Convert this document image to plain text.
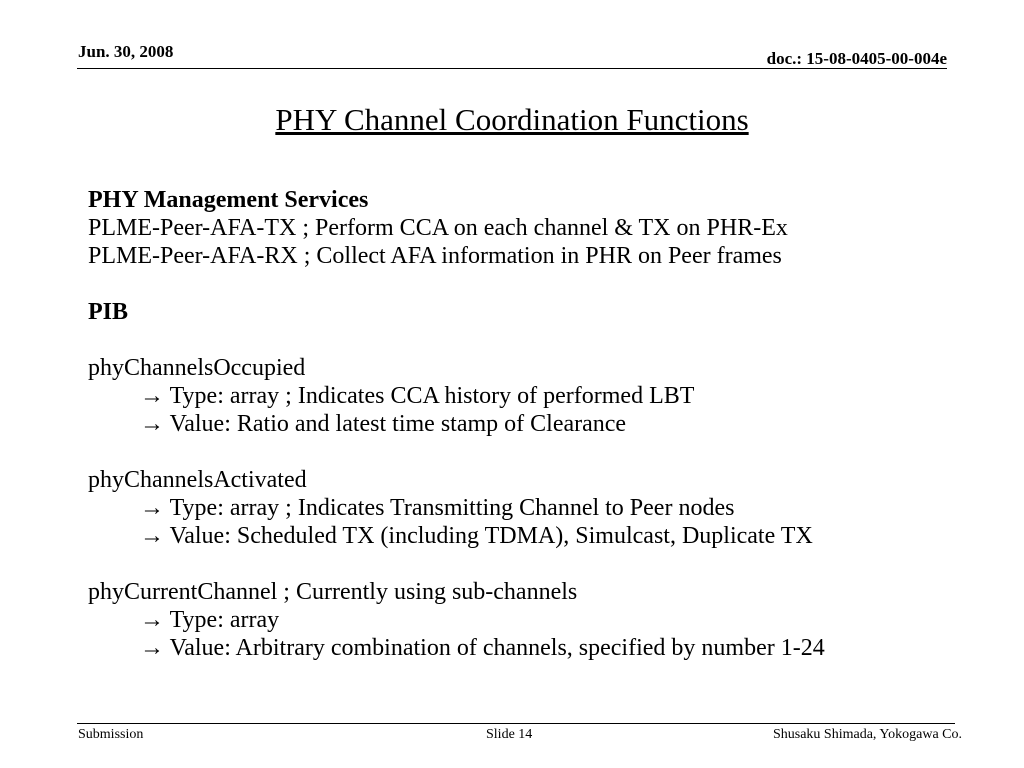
Jun. 30, 2008	doc.: 15-08-0405-00-004e
PHY Channel Coordination Functions
PHY Management Services
PLME-Peer-AFA-TX ; Perform CCA on each channel & TX on PHR-Ex
PLME-Peer-AFA-RX ; Collect AFA information in PHR on Peer frames
PIB
phyChannelsOccupied
→ Type: array ; Indicates CCA history of performed LBT
→ Value: Ratio and latest time stamp of Clearance
phyChannelsActivated
→ Type: array ; Indicates Transmitting Channel to Peer nodes
→ Value: Scheduled TX (including TDMA), Simulcast, Duplicate TX
phyCurrentChannel ; Currently using sub-channels
→ Type: array
→ Value: Arbitrary combination of channels, specified by number 1-24
Submission	Slide 14	Shusaku Shimada, Yokogawa Co.
